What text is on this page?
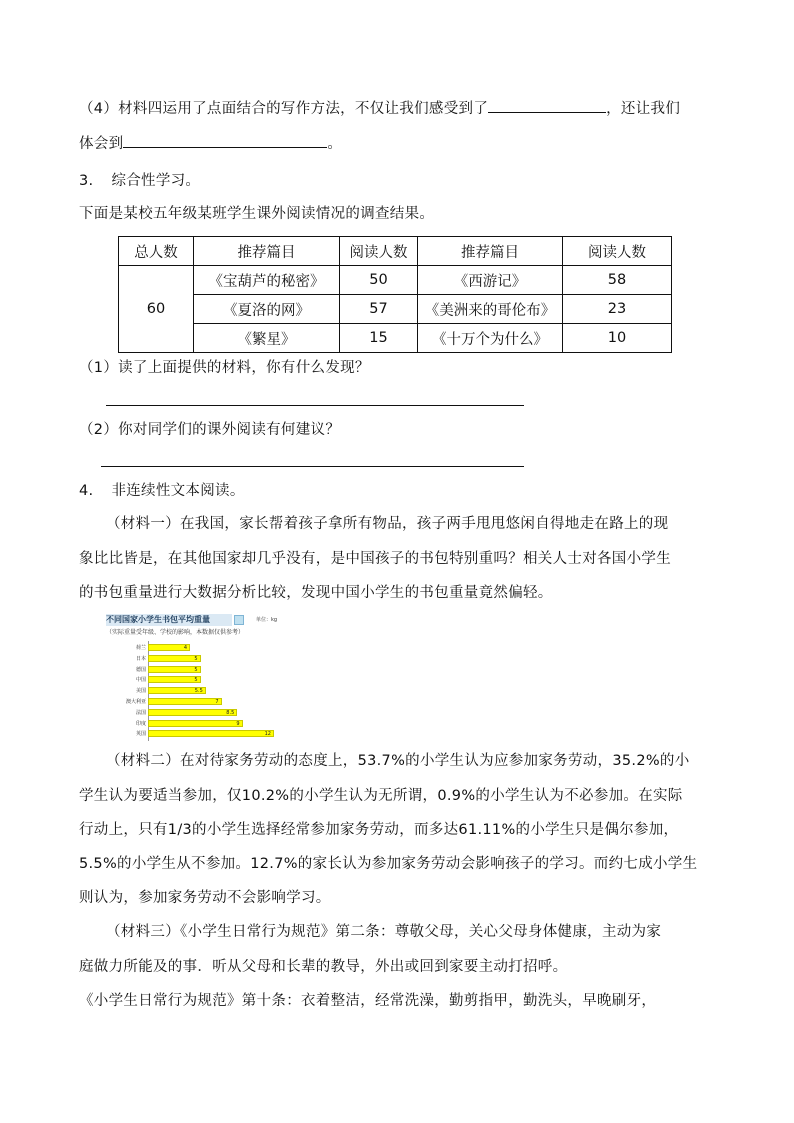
（4）材料四运用了点面结合的写作方法，不仅让我们感受到了	，还让我们
体会到	。
3. 综合性学习。
下面是某校五年级某班学生课外阅读情况的调查结果。
总人数	推荐篇目	阅读人数	推荐篇目	阅读人数
60	《宝葫芦的秘密》	50	《西游记》	58
	《夏洛的网》	57	《美洲来的哥伦布》	23
	《繁星》	15	《十万个为什么》	10
（1）读了上面提供的材料，你有什么发现？
（2）你对同学们的课外阅读有何建议？
4. 非连续性文本阅读。
（材料一）在我国，家长帮着孩子拿所有物品，孩子两手甩甩悠闲自得地走在路上的现
象比比皆是，在其他国家却几乎没有，是中国孩子的书包特别重吗？相关人士对各国小学生
的书包重量进行大数据分析比较，发现中国小学生的书包重量竟然偏轻。
不同国家小学生书包平均重量	单位：kg
（实际重量受年级、学校的影响，本数据仅供参考）
荷兰	4
日本	5
德国	5
中国	5
美国	5.5
澳大利亚	7
法国	8.5
印度	9
英国	12
（材料二）在对待家务劳动的态度上，53.7%的小学生认为应参加家务劳动，35.2%的小
学生认为要适当参加，仅10.2%的小学生认为无所谓，0.9%的小学生认为不必参加。在实际
行动上，只有1/3的小学生选择经常参加家务劳动，而多达61.11%的小学生只是偶尔参加，
5.5%的小学生从不参加。12.7%的家长认为参加家务劳动会影响孩子的学习。而约七成小学生
则认为，参加家务劳动不会影响学习。
（材料三）《小学生日常行为规范》第二条：尊敬父母，关心父母身体健康，主动为家
庭做力所能及的事．听从父母和长辈的教导，外出或回到家要主动打招呼。
《小学生日常行为规范》第十条：衣着整洁，经常洗澡，勤剪指甲，勤洗头，早晚刷牙，
